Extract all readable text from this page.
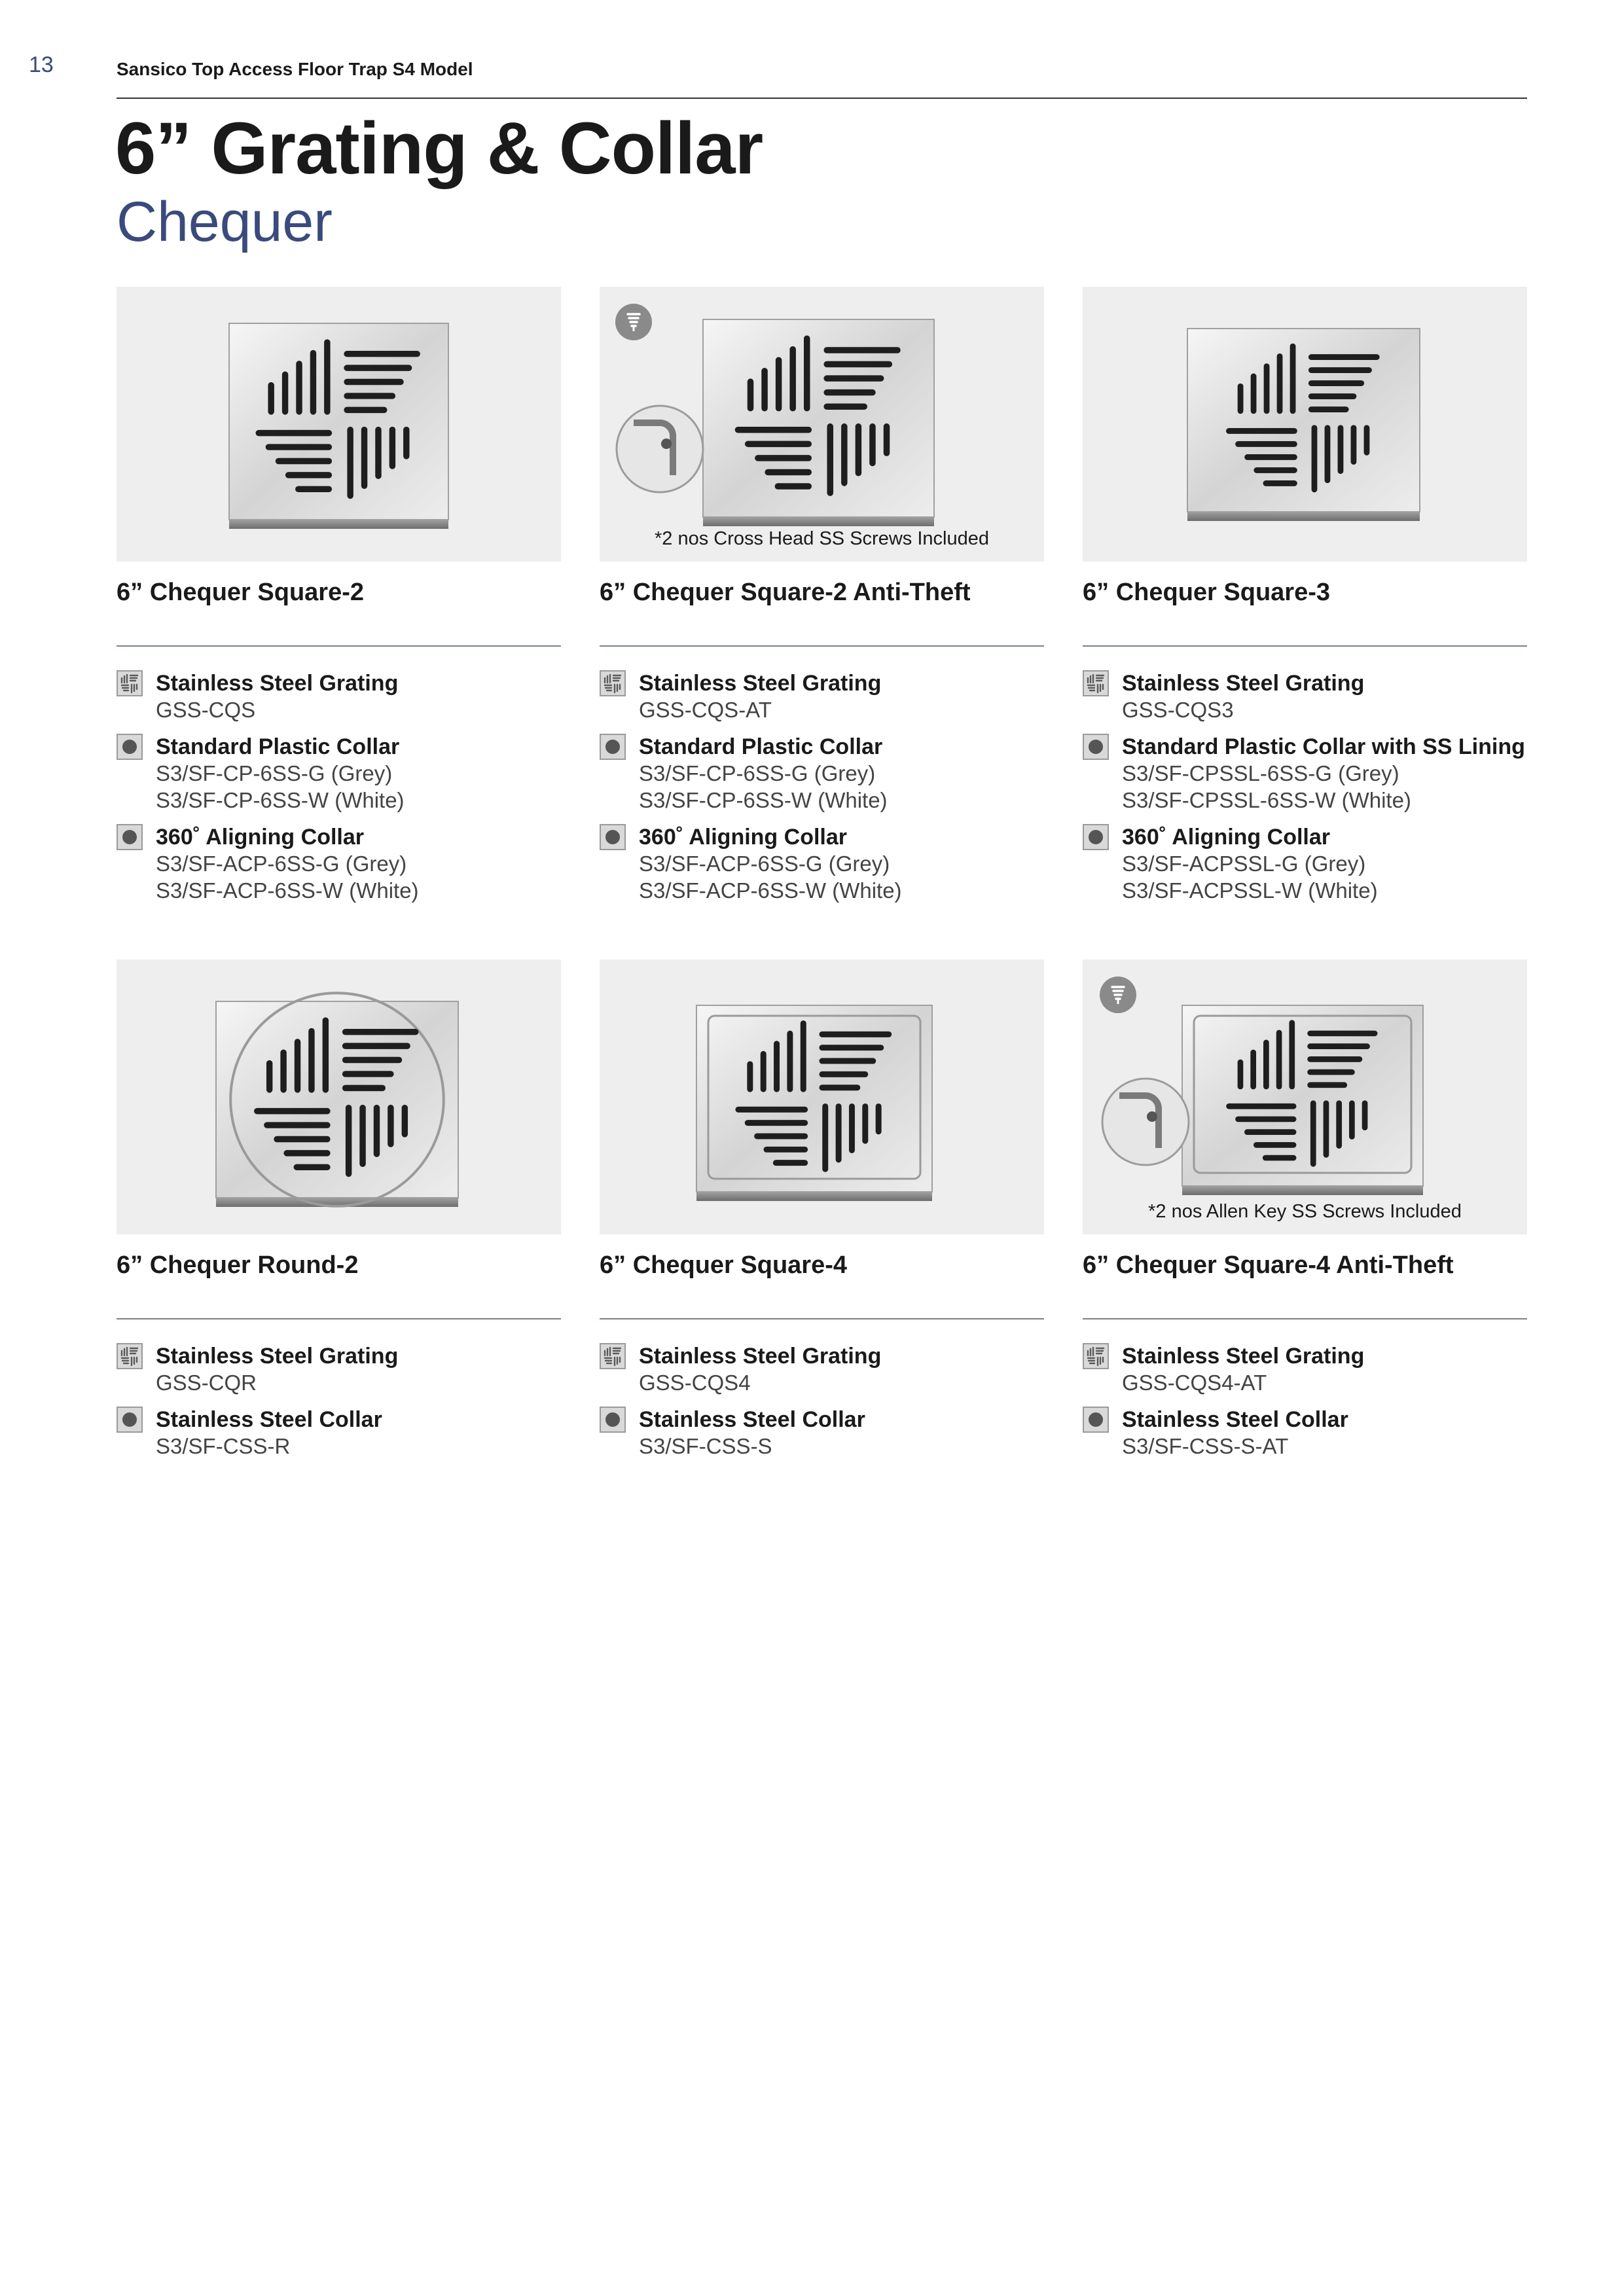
13	Sansico Top Access Floor Trap S4 Model
6” Grating & Collar
Chequer
6” Chequer Square-2
Stainless Steel Grating
GSS-CQS
Standard Plastic Collar
S3/SF-CP-6SS-G (Grey)
S3/SF-CP-6SS-W (White)
360˚ Aligning Collar
S3/SF-ACP-6SS-G (Grey)
S3/SF-ACP-6SS-W (White)
*2 nos Cross Head SS Screws Included
6” Chequer Square-2 Anti-Theft
Stainless Steel Grating
GSS-CQS-AT
Standard Plastic Collar
S3/SF-CP-6SS-G (Grey)
S3/SF-CP-6SS-W (White)
360˚ Aligning Collar
S3/SF-ACP-6SS-G (Grey)
S3/SF-ACP-6SS-W (White)
6” Chequer Square-3
Stainless Steel Grating
GSS-CQS3
Standard Plastic Collar with SS Lining
S3/SF-CPSSL-6SS-G (Grey)
S3/SF-CPSSL-6SS-W (White)
360˚ Aligning Collar
S3/SF-ACPSSL-G (Grey)
S3/SF-ACPSSL-W (White)
6” Chequer Round-2
Stainless Steel Grating
GSS-CQR
Stainless Steel Collar
S3/SF-CSS-R
6” Chequer Square-4
Stainless Steel Grating
GSS-CQS4
Stainless Steel Collar
S3/SF-CSS-S
*2 nos Allen Key SS Screws Included
6” Chequer Square-4 Anti-Theft
Stainless Steel Grating
GSS-CQS4-AT
Stainless Steel Collar
S3/SF-CSS-S-AT
